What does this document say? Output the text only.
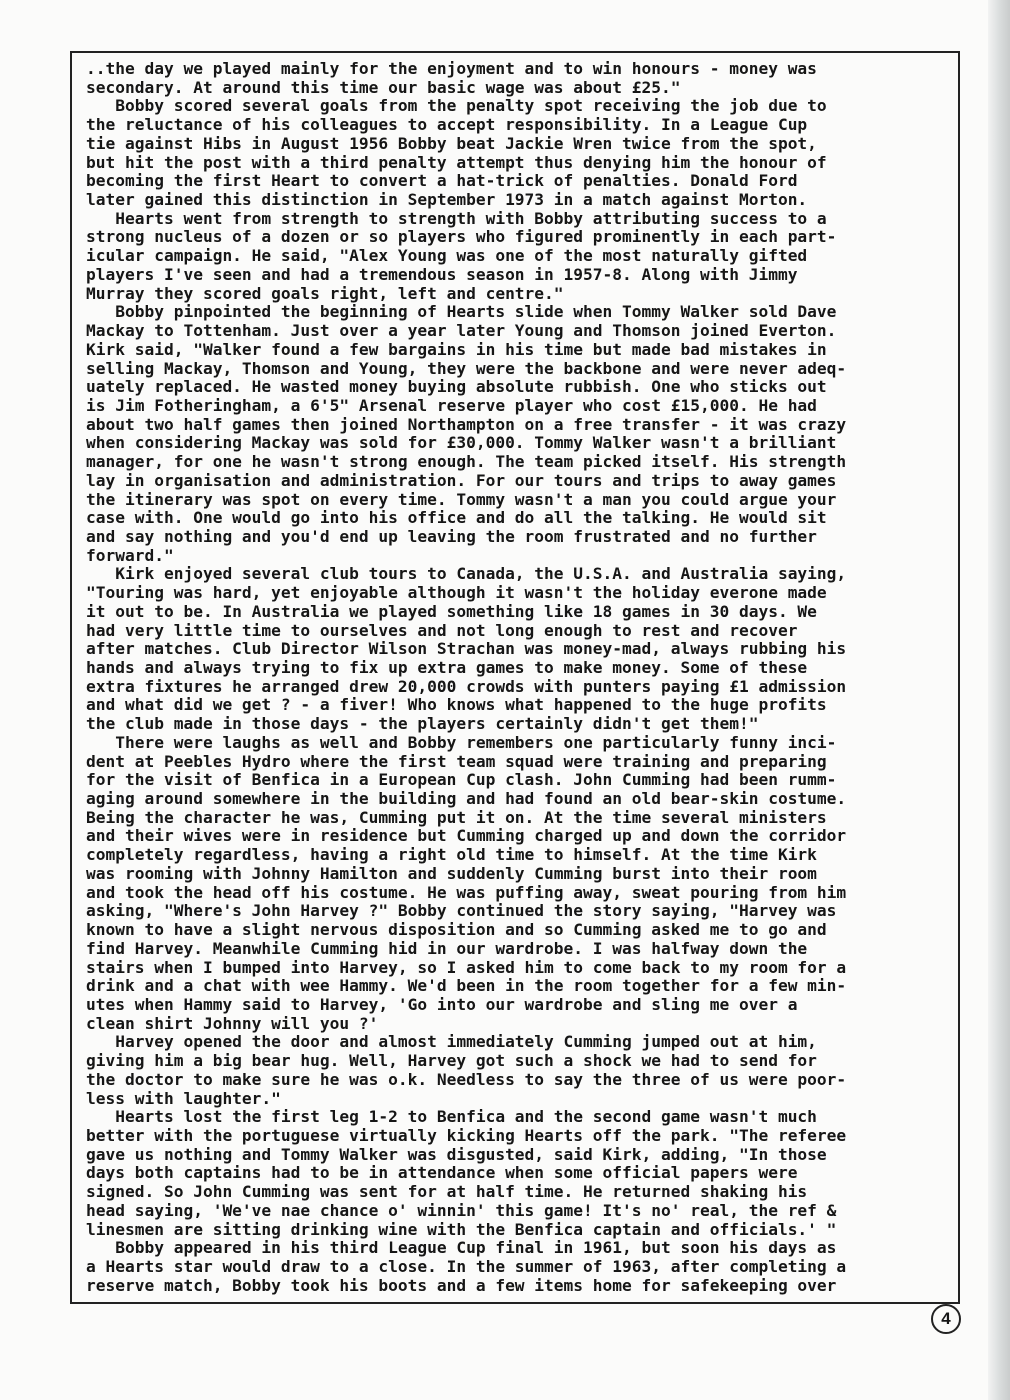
..the day we played mainly for the enjoyment and to win honours - money was
secondary. At around this time our basic wage was about £25."
Bobby scored several goals from the penalty spot receiving the job due to
the reluctance of his colleagues to accept responsibility. In a League Cup
tie against Hibs in August 1956 Bobby beat Jackie Wren twice from the spot,
but hit the post with a third penalty attempt thus denying him the honour of
becoming the first Heart to convert a hat-trick of penalties. Donald Ford
later gained this distinction in September 1973 in a match against Morton.
Hearts went from strength to strength with Bobby attributing success to a
strong nucleus of a dozen or so players who figured prominently in each part-
icular campaign. He said, "Alex Young was one of the most naturally gifted
players I've seen and had a tremendous season in 1957-8. Along with Jimmy
Murray they scored goals right, left and centre."
Bobby pinpointed the beginning of Hearts slide when Tommy Walker sold Dave
Mackay to Tottenham. Just over a year later Young and Thomson joined Everton.
Kirk said, "Walker found a few bargains in his time but made bad mistakes in
selling Mackay, Thomson and Young, they were the backbone and were never adeq-
uately replaced. He wasted money buying absolute rubbish. One who sticks out
is Jim Fotheringham, a 6'5" Arsenal reserve player who cost £15,000. He had
about two half games then joined Northampton on a free transfer - it was crazy
when considering Mackay was sold for £30,000. Tommy Walker wasn't a brilliant
manager, for one he wasn't strong enough. The team picked itself. His strength
lay in organisation and administration. For our tours and trips to away games
the itinerary was spot on every time. Tommy wasn't a man you could argue your
case with. One would go into his office and do all the talking. He would sit
and say nothing and you'd end up leaving the room frustrated and no further
forward."
Kirk enjoyed several club tours to Canada, the U.S.A. and Australia saying,
"Touring was hard, yet enjoyable although it wasn't the holiday everone made
it out to be. In Australia we played something like 18 games in 30 days. We
had very little time to ourselves and not long enough to rest and recover
after matches. Club Director Wilson Strachan was money-mad, always rubbing his
hands and always trying to fix up extra games to make money. Some of these
extra fixtures he arranged drew 20,000 crowds with punters paying £1 admission
and what did we get ? - a fiver! Who knows what happened to the huge profits
the club made in those days - the players certainly didn't get them!"
There were laughs as well and Bobby remembers one particularly funny inci-
dent at Peebles Hydro where the first team squad were training and preparing
for the visit of Benfica in a European Cup clash. John Cumming had been rumm-
aging around somewhere in the building and had found an old bear-skin costume.
Being the character he was, Cumming put it on. At the time several ministers
and their wives were in residence but Cumming charged up and down the corridor
completely regardless, having a right old time to himself. At the time Kirk
was rooming with Johnny Hamilton and suddenly Cumming burst into their room
and took the head off his costume. He was puffing away, sweat pouring from him
asking, "Where's John Harvey ?" Bobby continued the story saying, "Harvey was
known to have a slight nervous disposition and so Cumming asked me to go and
find Harvey. Meanwhile Cumming hid in our wardrobe. I was halfway down the
stairs when I bumped into Harvey, so I asked him to come back to my room for a
drink and a chat with wee Hammy. We'd been in the room together for a few min-
utes when Hammy said to Harvey, 'Go into our wardrobe and sling me over a
clean shirt Johnny will you ?'
Harvey opened the door and almost immediately Cumming jumped out at him,
giving him a big bear hug. Well, Harvey got such a shock we had to send for
the doctor to make sure he was o.k. Needless to say the three of us were poor-
less with laughter."
Hearts lost the first leg 1-2 to Benfica and the second game wasn't much
better with the portuguese virtually kicking Hearts off the park. "The referee
gave us nothing and Tommy Walker was disgusted, said Kirk, adding, "In those
days both captains had to be in attendance when some official papers were
signed. So John Cumming was sent for at half time. He returned shaking his
head saying, 'We've nae chance o' winnin' this game! It's no' real, the ref &
linesmen are sitting drinking wine with the Benfica captain and officials.' "
Bobby appeared in his third League Cup final in 1961, but soon his days as
a Hearts star would draw to a close. In the summer of 1963, after completing a
reserve match, Bobby took his boots and a few items home for safekeeping over
4
